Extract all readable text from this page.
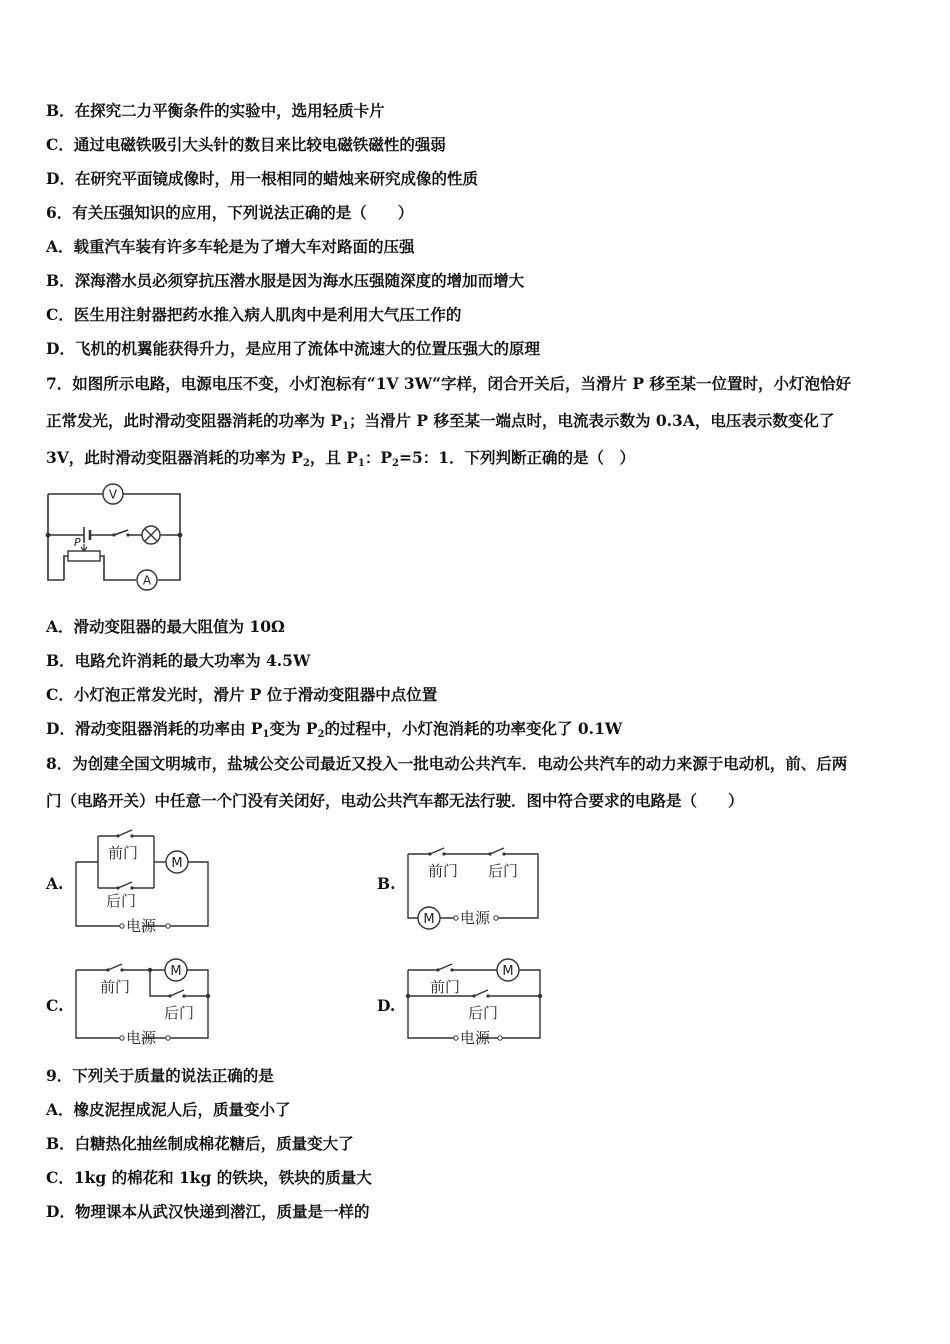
B．在探究二力平衡条件的实验中，选用轻质卡片
C．通过电磁铁吸引大头针的数目来比较电磁铁磁性的强弱
D．在研究平面镜成像时，用一根相同的蜡烛来研究成像的性质
6．有关压强知识的应用，下列说法正确的是（　　）
A．载重汽车装有许多车轮是为了增大车对路面的压强
B．深海潜水员必须穿抗压潜水服是因为海水压强随深度的增加而增大
C．医生用注射器把药水推入病人肌肉中是利用大气压工作的
D．飞机的机翼能获得升力，是应用了流体中流速大的位置压强大的原理
7．如图所示电路，电源电压不变，小灯泡标有“1V 3W“字样，闭合开关后，当滑片 P 移至某一位置时，小灯泡恰好
正常发光，此时滑动变阻器消耗的功率为 $P_1$；当滑片 P 移至某一端点时，电流表示数为 0.3A，电压表示数变化了
3V，此时滑动变阻器消耗的功率为 $P_2$，且 $P_1$：$P_2=5$：1．下列判断正确的是（　）
V
P
A
A．滑动变阻器的最大阻值为 10Ω
B．电路允许消耗的最大功率为 4.5W
C．小灯泡正常发光时，滑片 P 位于滑动变阻器中点位置
D．滑动变阻器消耗的功率由 $P_1$变为 $P_2$的过程中，小灯泡消耗的功率变化了 0.1W
8．为创建全国文明城市，盐城公交公司最近又投入一批电动公共汽车．电动公共汽车的动力来源于电动机，前、后两
门（电路开关）中任意一个门没有关闭好，电动公共汽车都无法行驶．图中符合要求的电路是（　　）
A.
M
前门
后门
电源
B.
前门 后门
M 电源
C.
M
前门
后门
电源
D.
M
前门
后门
电源
9．下列关于质量的说法正确的是
A．橡皮泥捏成泥人后，质量变小了
B．白糖热化抽丝制成棉花糖后，质量变大了
C．1kg 的棉花和 1kg 的铁块，铁块的质量大
D．物理课本从武汉快递到潜江，质量是一样的
